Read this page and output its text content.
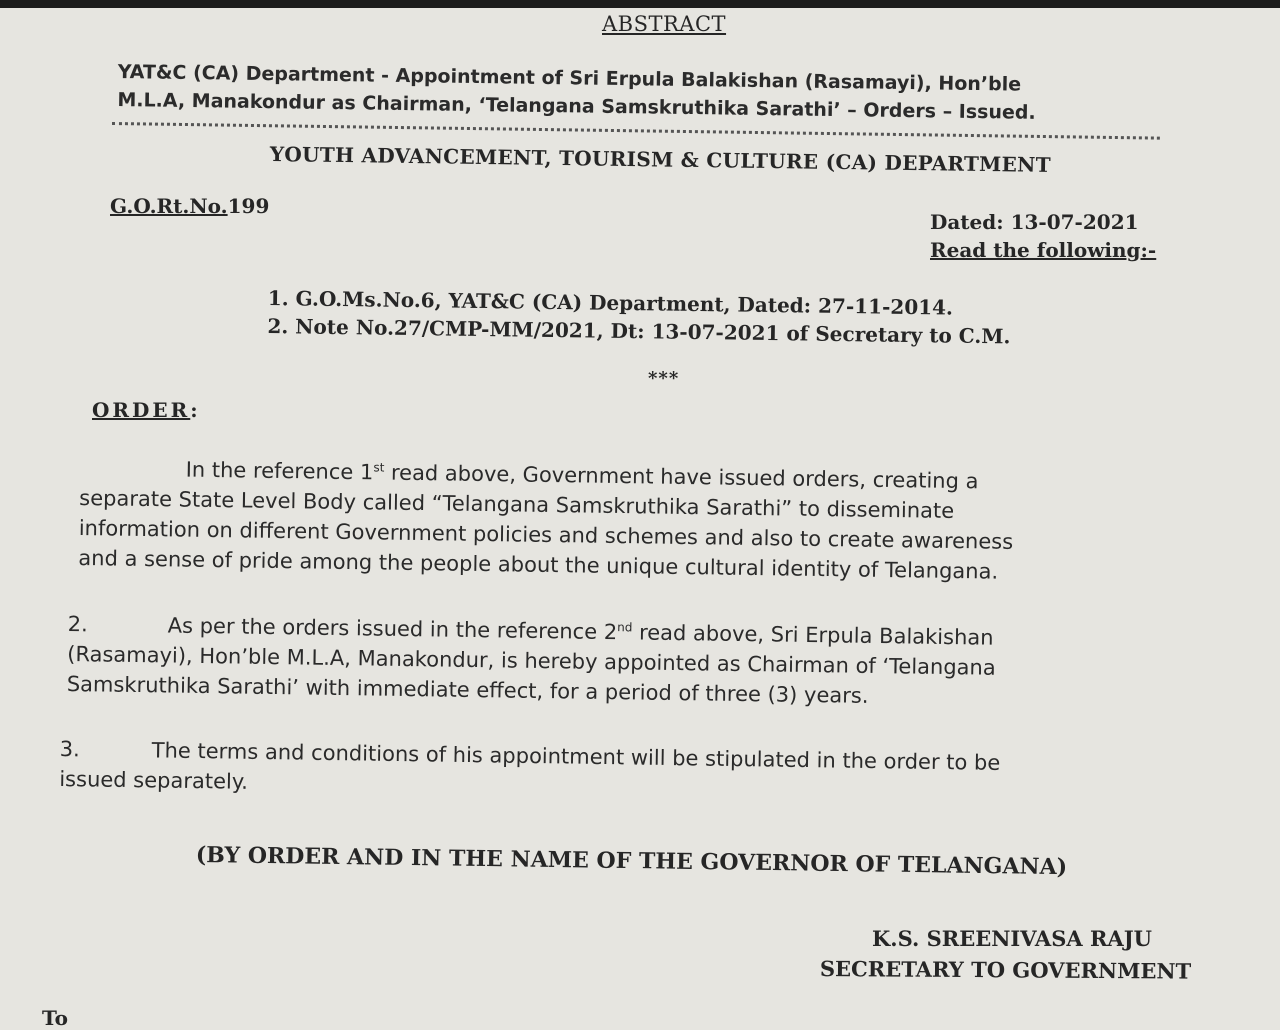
ABSTRACT
YAT&C (CA) Department - Appointment of Sri Erpula Balakishan (Rasamayi), Hon’ble
M.L.A, Manakondur as Chairman, ‘Telangana Samskruthika Sarathi’ – Orders – Issued.
YOUTH ADVANCEMENT, TOURISM & CULTURE (CA) DEPARTMENT
G.O.Rt.No.199
Dated: 13-07-2021
Read the following:-
1. G.O.Ms.No.6, YAT&C (CA) Department, Dated: 27-11-2014.
2. Note No.27/CMP-MM/2021, Dt: 13-07-2021 of Secretary to C.M.
***
ORDER:
In the reference 1st read above, Government have issued orders, creating a
separate State Level Body called “Telangana Samskruthika Sarathi” to disseminate
information on different Government policies and schemes and also to create awareness
and a sense of pride among the people about the unique cultural identity of Telangana.
2.	As per the orders issued in the reference 2nd read above, Sri Erpula Balakishan
(Rasamayi), Hon’ble M.L.A, Manakondur, is hereby appointed as Chairman of ‘Telangana
Samskruthika Sarathi’ with immediate effect, for a period of three (3) years.
3.	The terms and conditions of his appointment will be stipulated in the order to be
issued separately.
(BY ORDER AND IN THE NAME OF THE GOVERNOR OF TELANGANA)
K.S. SREENIVASA RAJU
SECRETARY TO GOVERNMENT
To
